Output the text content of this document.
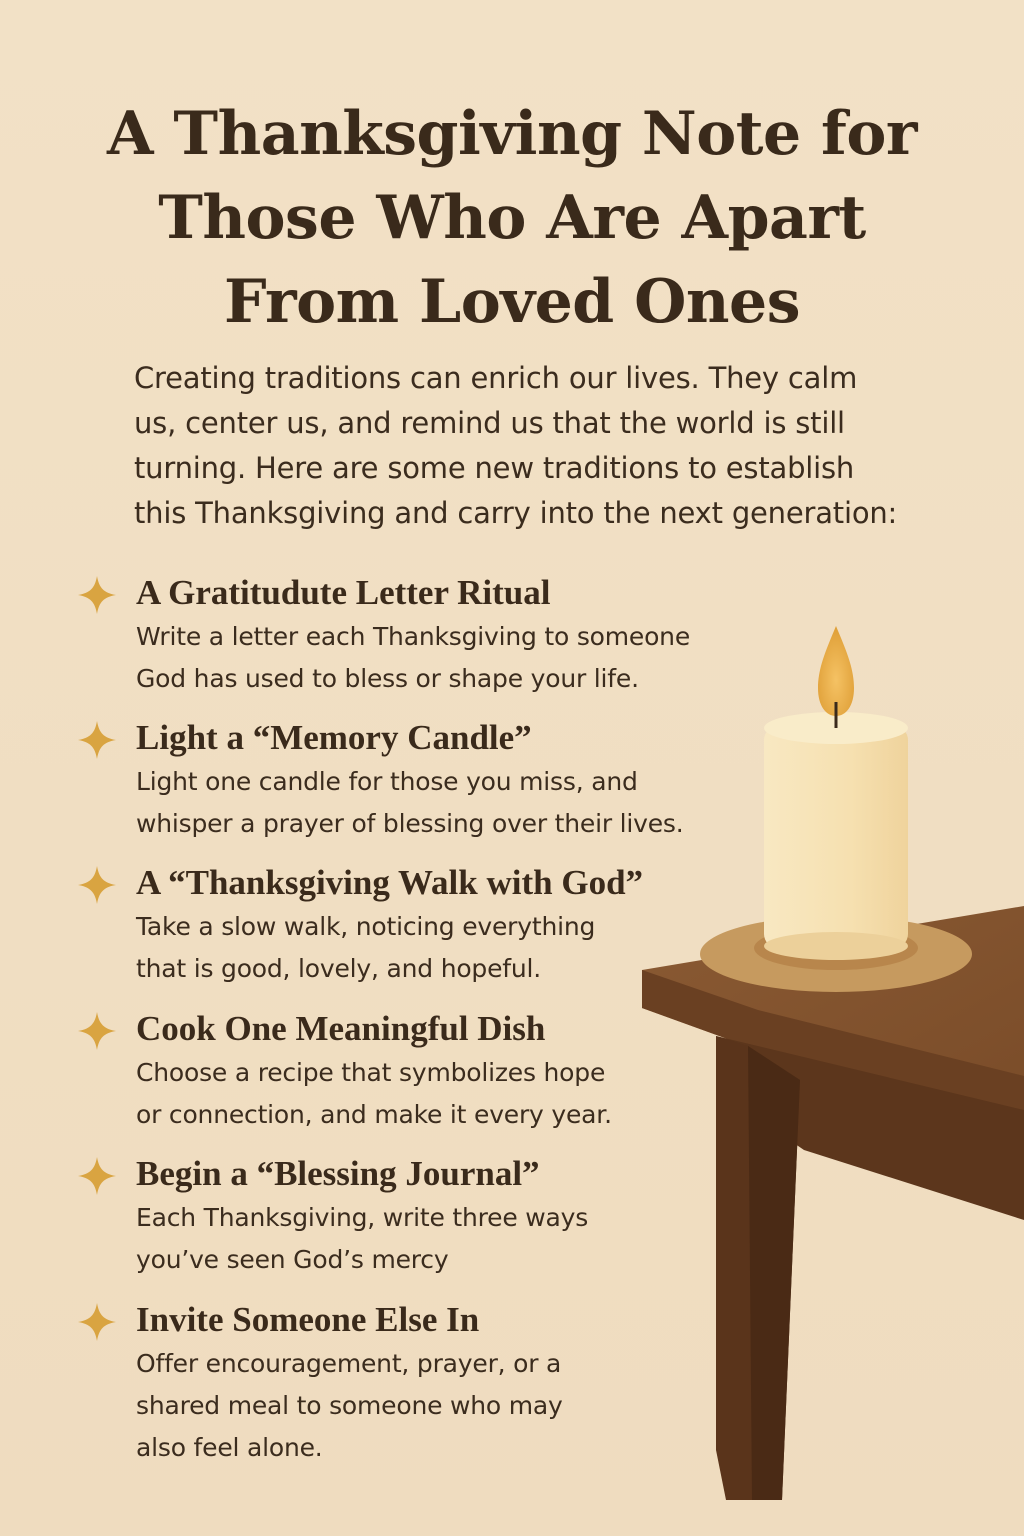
A Thanksgiving Note for
Those Who Are Apart
From Loved Ones

Creating traditions can enrich our lives. They calm
us, center us, and remind us that the world is still
turning. Here are some new traditions to establish
this Thanksgiving and carry into the next generation:

A Gratitudute Letter Ritual

Write a letter each Thanksgiving to someone
God has used to bless or shape your life.

Light a “Memory Candle”

Light one candle for those you miss, and
whisper a prayer of blessing over their lives.

A “Thanksgiving Walk with God”

Take a slow walk, noticing everything
that is good, lovely, and hopeful.

Cook One Meaningful Dish

Choose a recipe that symbolizes hope
or connection, and make it every year.

Begin a “Blessing Journal”

Each Thanksgiving, write three ways
you’ve seen God’s mercy

Invite Someone Else In

Offer encouragement, prayer, or a
shared meal to someone who may
also feel alone.
